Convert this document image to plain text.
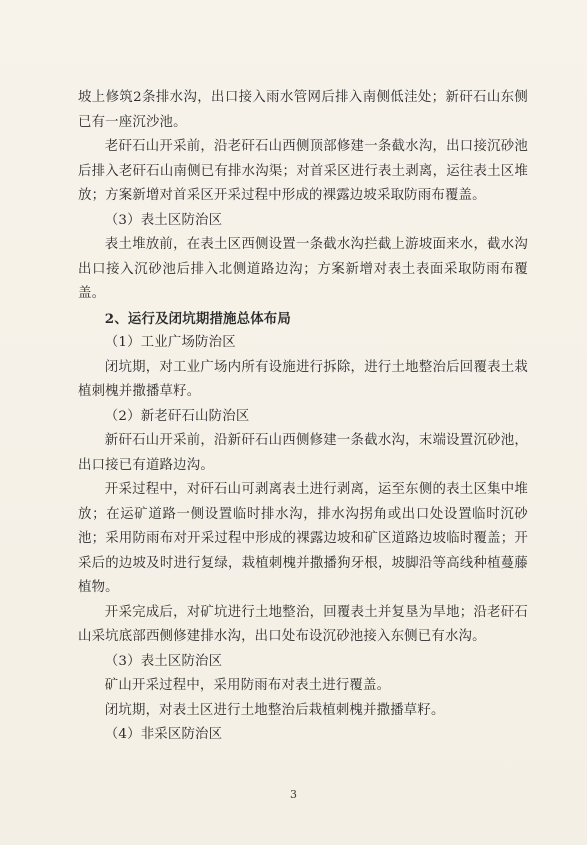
坡上修筑2条排水沟，出口接入雨水管网后排入南侧低洼处；新矸石山东侧已有一座沉沙池。

老矸石山开采前，沿老矸石山西侧顶部修建一条截水沟，出口接沉砂池后排入老矸石山南侧已有排水沟渠；对首采区进行表土剥离，运往表土区堆放；方案新增对首采区开采过程中形成的裸露边坡采取防雨布覆盖。

（3）表土区防治区

表土堆放前，在表土区西侧设置一条截水沟拦截上游坡面来水，截水沟出口接入沉砂池后排入北侧道路边沟；方案新增对表土表面采取防雨布覆盖。

2、运行及闭坑期措施总体布局

（1）工业广场防治区

闭坑期，对工业广场内所有设施进行拆除，进行土地整治后回覆表土栽植刺槐并撒播草籽。

（2）新老矸石山防治区

新矸石山开采前，沿新矸石山西侧修建一条截水沟，末端设置沉砂池，出口接已有道路边沟。

开采过程中，对矸石山可剥离表土进行剥离，运至东侧的表土区集中堆放；在运矿道路一侧设置临时排水沟，排水沟拐角或出口处设置临时沉砂池；采用防雨布对开采过程中形成的裸露边坡和矿区道路边坡临时覆盖；开采后的边坡及时进行复绿，栽植刺槐并撒播狗牙根，坡脚沿等高线种植蔓藤植物。

开采完成后，对矿坑进行土地整治，回覆表土并复垦为旱地；沿老矸石山采坑底部西侧修建排水沟，出口处布设沉砂池接入东侧已有水沟。

（3）表土区防治区

矿山开采过程中，采用防雨布对表土进行覆盖。

闭坑期，对表土区进行土地整治后栽植刺槐并撒播草籽。

（4）非采区防治区

3
